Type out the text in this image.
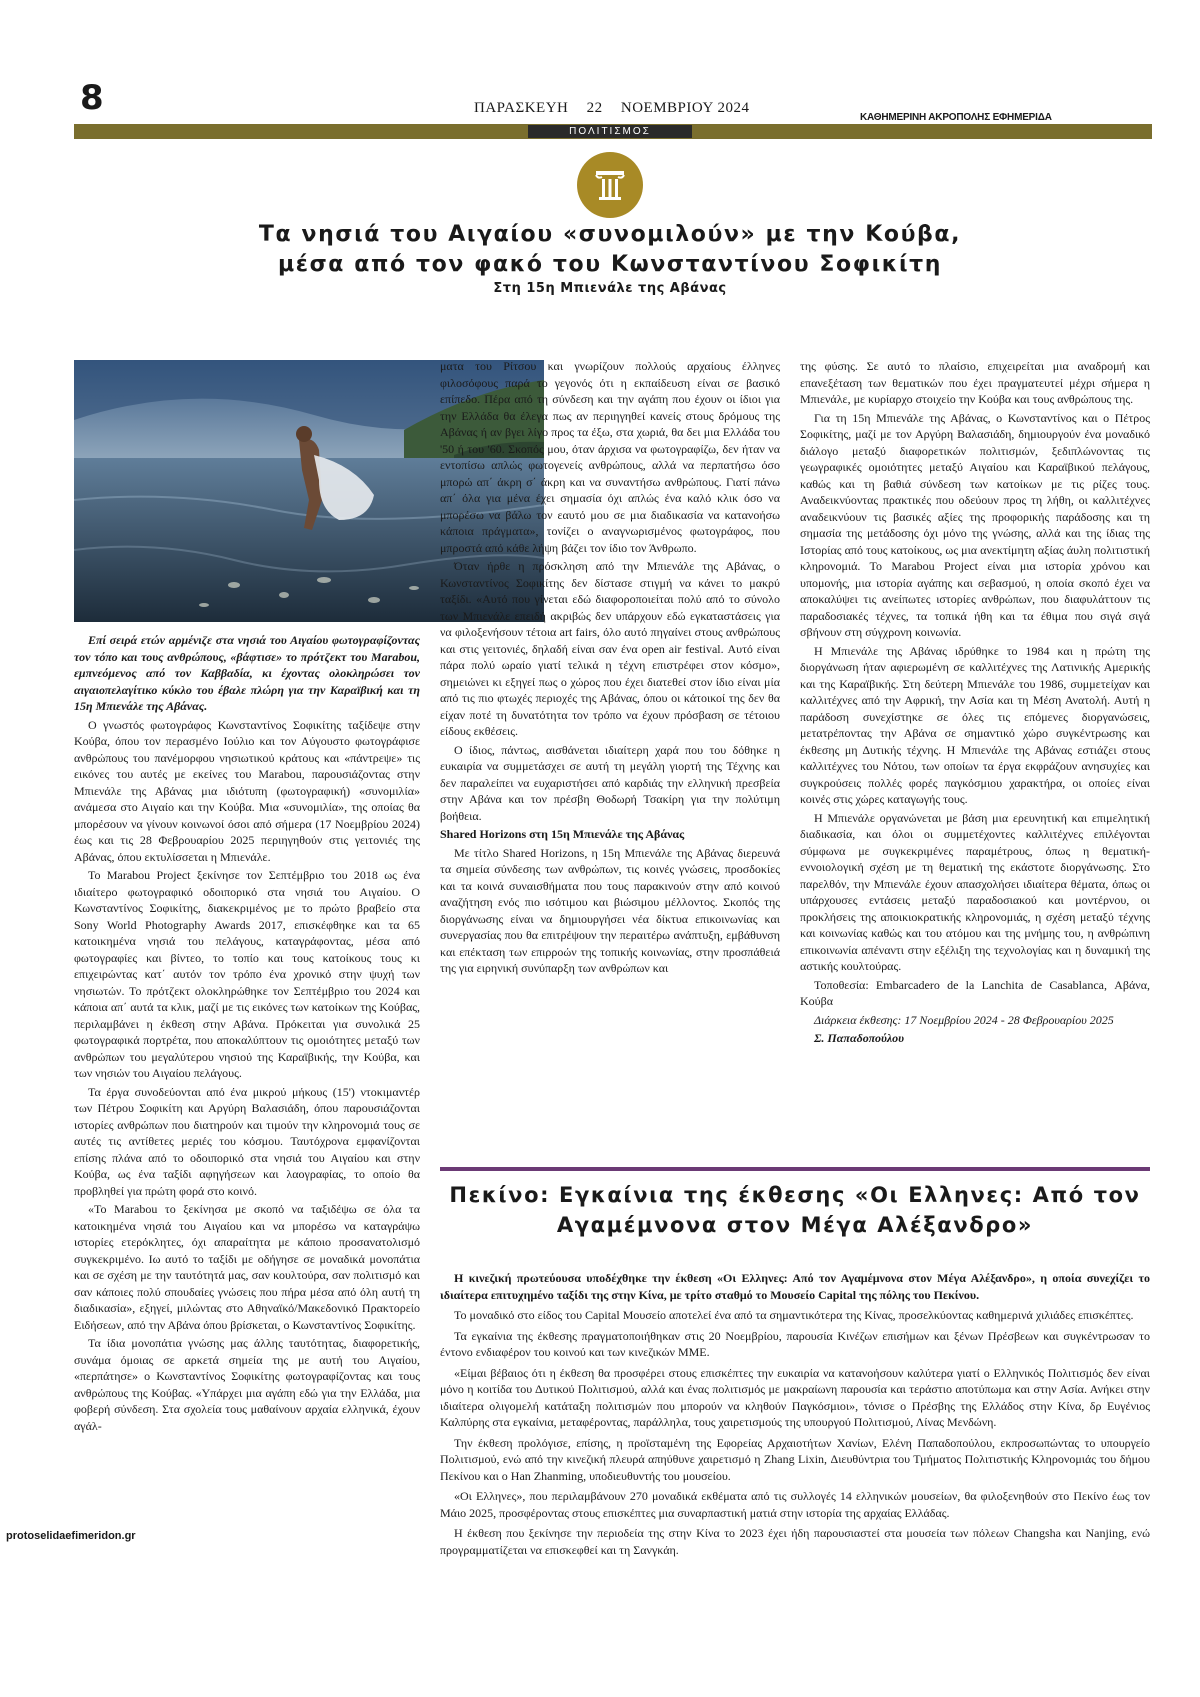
8	ΠΑΡΑΣΚΕΥΗ 22 ΝΟΕΜΒΡΙΟΥ 2024
ΚΑΘΗΜΕΡΙΝΗ ΑΚΡΟΠΟΛΗΣ ΕΦΗΜΕΡΙΔΑ
ΠΟΛΙΤΙΣΜΟΣ
Τα νησιά του Αιγαίου «συνομιλούν» με την Κούβα,
μέσα από τον φακό του Κωνσταντίνου Σοφικίτη
Στη 15η Μπιενάλε της Αβάνας

Επί σειρά ετών αρμένιζε στα νησιά του Αιγαίου φωτογραφίζοντας τον τόπο και τους ανθρώπους, «βάφτισε» το πρότζεκτ του Marabou, εμπνεόμενος από τον Καββαδία, κι έχοντας ολοκληρώσει τον αιγαιοπελαγίτικο κύκλο του έβαλε πλώρη για την Καραϊβική και τη 15η Μπιενάλε της Αβάνας.

Ο γνωστός φωτογράφος Κωνσταντίνος Σοφικίτης ταξίδεψε στην Κούβα, όπου τον περασμένο Ιούλιο και τον Αύγουστο φωτογράφισε ανθρώπους του πανέμορφου νησιωτικού κράτους και «πάντρεψε» τις εικόνες του αυτές με εκείνες του Marabou, παρουσιάζοντας στην Μπιενάλε της Αβάνας μια ιδιότυπη (φωτογραφική) «συνομιλία» ανάμεσα στο Αιγαίο και την Κούβα. Μια «συνομιλία», της οποίας θα μπορέσουν να γίνουν κοινωνοί όσοι από σήμερα (17 Νοεμβρίου 2024) έως και τις 28 Φεβρουαρίου 2025 περιηγηθούν στις γειτονιές της Αβάνας, όπου εκτυλίσσεται η Μπιενάλε.

Το Marabou Project ξεκίνησε τον Σεπτέμβριο του 2018 ως ένα ιδιαίτερο φωτογραφικό οδοιπορικό στα νησιά του Αιγαίου. Ο Κωνσταντίνος Σοφικίτης, διακεκριμένος με το πρώτο βραβείο στα Sony World Photography Awards 2017, επισκέφθηκε και τα 65 κατοικημένα νησιά του πελάγους, καταγράφοντας, μέσα από φωτογραφίες και βίντεο, το τοπίο και τους κατοίκους τους κι επιχειρώντας κατ΄ αυτόν τον τρόπο ένα χρονικό στην ψυχή των νησιωτών. Το πρότζεκτ ολοκληρώθηκε τον Σεπτέμβριο του 2024 και κάποια απ΄ αυτά τα κλικ, μαζί με τις εικόνες των κατοίκων της Κούβας, περιλαμβάνει η έκθεση στην Αβάνα. Πρόκειται για συνολικά 25 φωτογραφικά πορτρέτα, που αποκαλύπτουν τις ομοιότητες μεταξύ των ανθρώπων του μεγαλύτερου νησιού της Καραϊβικής, την Κούβα, και των νησιών του Αιγαίου πελάγους.

Τα έργα συνοδεύονται από ένα μικρού μήκους (15') ντοκιμαντέρ των Πέτρου Σοφικίτη και Αργύρη Βαλασιάδη, όπου παρουσιάζονται ιστορίες ανθρώπων που διατηρούν και τιμούν την κληρονομιά τους σε αυτές τις αντίθετες μεριές του κόσμου. Ταυτόχρονα εμφανίζονται επίσης πλάνα από το οδοιπορικό στα νησιά του Αιγαίου και στην Κούβα, ως ένα ταξίδι αφηγήσεων και λαογραφίας, το οποίο θα προβληθεί για πρώτη φορά στο κοινό.

«Το Marabou το ξεκίνησα με σκοπό να ταξιδέψω σε όλα τα κατοικημένα νησιά του Αιγαίου και να μπορέσω να καταγράψω ιστορίες ετερόκλητες, όχι απαραίτητα με κάποιο προσανατολισμό συγκεκριμένο. Ιω αυτό το ταξίδι με οδήγησε σε μοναδικά μονοπάτια και σε σχέση με την ταυτότητά μας, σαν κουλτούρα, σαν πολιτισμό και σαν κάποιες πολύ σπουδαίες γνώσεις που πήρα μέσα από όλη αυτή τη διαδικασία», εξηγεί, μιλώντας στο Αθηναϊκό/Μακεδονικό Πρακτορείο Ειδήσεων, από την Αβάνα όπου βρίσκεται, ο Κωνσταντίνος Σοφικίτης.

Τα ίδια μονοπάτια γνώσης μας άλλης ταυτότητας, διαφορετικής, συνάμα όμοιας σε αρκετά σημεία της με αυτή του Αιγαίου, «περπάτησε» ο Κωνσταντίνος Σοφικίτης φωτογραφίζοντας και τους ανθρώπους της Κούβας. «Υπάρχει μια αγάπη εδώ για την Ελλάδα, μια φοβερή σύνδεση. Στα σχολεία τους μαθαίνουν αρχαία ελληνικά, έχουν αγάλ-

ματα του Ρίτσου και γνωρίζουν πολλούς αρχαίους έλληνες φιλοσόφους παρά το γεγονός ότι η εκπαίδευση είναι σε βασικό επίπεδο. Πέρα από τη σύνδεση και την αγάπη που έχουν οι ίδιοι για την Ελλάδα θα έλεγα πως αν περιηγηθεί κανείς στους δρόμους της Αβάνας ή αν βγει λίγο προς τα έξω, στα χωριά, θα δει μια Ελλάδα του '50 ή του '60. Σκοπός μου, όταν άρχισα να φωτογραφίζω, δεν ήταν να εντοπίσω απλώς φωτογενείς ανθρώπους, αλλά να περπατήσω όσο μπορώ απ΄ άκρη σ΄ άκρη και να συναντήσω ανθρώπους. Γιατί πάνω απ΄ όλα για μένα έχει σημασία όχι απλώς ένα καλό κλικ όσο να μπορέσω να βάλω τον εαυτό μου σε μια διαδικασία να κατανοήσω κάποια πράγματα», τονίζει ο αναγνωρισμένος φωτογράφος, που μπροστά από κάθε λήψη βάζει τον ίδιο τον Άνθρωπο.

Όταν ήρθε η πρόσκληση από την Μπιενάλε της Αβάνας, ο Κωνσταντίνος Σοφικίτης δεν δίστασε στιγμή να κάνει το μακρύ ταξίδι. «Αυτό που γίνεται εδώ διαφοροποιείται πολύ από το σύνολο των Μπιενάλε επειδή ακριβώς δεν υπάρχουν εδώ εγκαταστάσεις για να φιλοξενήσουν τέτοια art fairs, όλο αυτό πηγαίνει στους ανθρώπους και στις γειτονιές, δηλαδή είναι σαν ένα open air festival. Αυτό είναι πάρα πολύ ωραίο γιατί τελικά η τέχνη επιστρέφει στον κόσμο», σημειώνει κι εξηγεί πως ο χώρος που έχει διατεθεί στον ίδιο είναι μία από τις πιο φτωχές περιοχές της Αβάνας, όπου οι κάτοικοί της δεν θα είχαν ποτέ τη δυνατότητα τον τρόπο να έχουν πρόσβαση σε τέτοιου είδους εκθέσεις.

Ο ίδιος, πάντως, αισθάνεται ιδιαίτερη χαρά που του δόθηκε η ευκαιρία να συμμετάσχει σε αυτή τη μεγάλη γιορτή της Τέχνης και δεν παραλείπει να ευχαριστήσει από καρδιάς την ελληνική πρεσβεία στην Αβάνα και τον πρέσβη Θοδωρή Τσακίρη για την πολύτιμη βοήθεια.

Shared Horizons στη 15η Μπιενάλε της Αβάνας

Με τίτλο Shared Horizons, η 15η Μπιενάλε της Αβάνας διερευνά τα σημεία σύνδεσης των ανθρώπων, τις κοινές γνώσεις, προσδοκίες και τα κοινά συναισθήματα που τους παρακινούν στην από κοινού αναζήτηση ενός πιο ισότιμου και βιώσιμου μέλλοντος. Σκοπός της διοργάνωσης είναι να δημιουργήσει νέα δίκτυα επικοινωνίας και συνεργασίας που θα επιτρέψουν την περαιτέρω ανάπτυξη, εμβάθυνση και επέκταση των επιρροών της τοπικής κοινωνίας, στην προσπάθειά της για ειρηνική συνύπαρξη των ανθρώπων και

της φύσης. Σε αυτό το πλαίσιο, επιχειρείται μια αναδρομή και επανεξέταση των θεματικών που έχει πραγματευτεί μέχρι σήμερα η Μπιενάλε, με κυρίαρχο στοιχείο την Κούβα και τους ανθρώπους της.

Για τη 15η Μπιενάλε της Αβάνας, ο Κωνσταντίνος και ο Πέτρος Σοφικίτης, μαζί με τον Αργύρη Βαλασιάδη, δημιουργούν ένα μοναδικό διάλογο μεταξύ διαφορετικών πολιτισμών, ξεδιπλώνοντας τις γεωγραφικές ομοιότητες μεταξύ Αιγαίου και Καραϊβικού πελάγους, καθώς και τη βαθιά σύνδεση των κατοίκων με τις ρίζες τους. Αναδεικνύοντας πρακτικές που οδεύουν προς τη λήθη, οι καλλιτέχνες αναδεικνύουν τις βασικές αξίες της προφορικής παράδοσης και τη σημασία της μετάδοσης όχι μόνο της γνώσης, αλλά και της ίδιας της Ιστορίας από τους κατοίκους, ως μια ανεκτίμητη αξίας άυλη πολιτιστική κληρονομιά. Το Marabou Project είναι μια ιστορία χρόνου και υπομονής, μια ιστορία αγάπης και σεβασμού, η οποία σκοπό έχει να αποκαλύψει τις ανείπωτες ιστορίες ανθρώπων, που διαφυλάττουν τις παραδοσιακές τέχνες, τα τοπικά ήθη και τα έθιμα που σιγά σιγά σβήνουν στη σύγχρονη κοινωνία.

Η Μπιενάλε της Αβάνας ιδρύθηκε το 1984 και η πρώτη της διοργάνωση ήταν αφιερωμένη σε καλλιτέχνες της Λατινικής Αμερικής και της Καραϊβικής. Στη δεύτερη Μπιενάλε του 1986, συμμετείχαν και καλλιτέχνες από την Αφρική, την Ασία και τη Μέση Ανατολή. Αυτή η παράδοση συνεχίστηκε σε όλες τις επόμενες διοργανώσεις, μετατρέποντας την Αβάνα σε σημαντικό χώρο συγκέντρωσης και έκθεσης μη Δυτικής τέχνης. Η Μπιενάλε της Αβάνας εστιάζει στους καλλιτέχνες του Νότου, των οποίων τα έργα εκφράζουν ανησυχίες και συγκρούσεις πολλές φορές παγκόσμιου χαρακτήρα, οι οποίες είναι κοινές στις χώρες καταγωγής τους.

Η Μπιενάλε οργανώνεται με βάση μια ερευνητική και επιμελητική διαδικασία, και όλοι οι συμμετέχοντες καλλιτέχνες επιλέγονται σύμφωνα με συγκεκριμένες παραμέτρους, όπως η θεματική-εννοιολογική σχέση με τη θεματική της εκάστοτε διοργάνωσης. Στο παρελθόν, την Μπιενάλε έχουν απασχολήσει ιδιαίτερα θέματα, όπως οι υπάρχουσες εντάσεις μεταξύ παραδοσιακού και μοντέρνου, οι προκλήσεις της αποικιοκρατικής κληρονομιάς, η σχέση μεταξύ τέχνης και κοινωνίας καθώς και του ατόμου και της μνήμης του, η ανθρώπινη επικοινωνία απέναντι στην εξέλιξη της τεχνολογίας και η δυναμική της αστικής κουλτούρας.

Τοποθεσία: Embarcadero de la Lanchita de Casablanca, Αβάνα, Κούβα

Διάρκεια έκθεσης: 17 Νοεμβρίου 2024 - 28 Φεβρουαρίου 2025

Σ. Παπαδοπούλου

Πεκίνο: Εγκαίνια της έκθεσης «Οι Ελληνες: Από τον
Αγαμέμνονα στον Μέγα Αλέξανδρο»

Η κινεζική πρωτεύουσα υποδέχθηκε την έκθεση «Οι Ελληνες: Από τον Αγαμέμνονα στον Μέγα Αλέξανδρο», η οποία συνεχίζει το ιδιαίτερα επιτυχημένο ταξίδι της στην Κίνα, με τρίτο σταθμό το Μουσείο Capital της πόλης του Πεκίνου.

Το μοναδικό στο είδος του Capital Μουσείο αποτελεί ένα από τα σημαντικότερα της Κίνας, προσελκύοντας καθημερινά χιλιάδες επισκέπτες.

Τα εγκαίνια της έκθεσης πραγματοποιήθηκαν στις 20 Νοεμβρίου, παρουσία Κινέζων επισήμων και ξένων Πρέσβεων και συγκέντρωσαν το έντονο ενδιαφέρον του κοινού και των κινεζικών ΜΜΕ.

«Είμαι βέβαιος ότι η έκθεση θα προσφέρει στους επισκέπτες την ευκαιρία να κατανοήσουν καλύτερα γιατί ο Ελληνικός Πολιτισμός δεν είναι μόνο η κοιτίδα του Δυτικού Πολιτισμού, αλλά και ένας πολιτισμός με μακραίωνη παρουσία και τεράστιο αποτύπωμα και στην Ασία. Ανήκει στην ιδιαίτερα ολιγομελή κατάταξη πολιτισμών που μπορούν να κληθούν Παγκόσμιοι», τόνισε ο Πρέσβης της Ελλάδος στην Κίνα, δρ Ευγένιος Καλπύρης στα εγκαίνια, μεταφέροντας, παράλληλα, τους χαιρετισμούς της υπουργού Πολιτισμού, Λίνας Μενδώνη.

Την έκθεση προλόγισε, επίσης, η προϊσταμένη της Εφορείας Αρχαιοτήτων Χανίων, Ελένη Παπαδοπούλου, εκπροσωπώντας το υπουργείο Πολιτισμού, ενώ από την κινεζική πλευρά απηύθυνε χαιρετισμό η Zhang Lixin, Διευθύντρια του Τμήματος Πολιτιστικής Κληρονομιάς του δήμου Πεκίνου και ο Han Zhanming, υποδιευθυντής του μουσείου.

«Οι Ελληνες», που περιλαμβάνουν 270 μοναδικά εκθέματα από τις συλλογές 14 ελληνικών μουσείων, θα φιλοξενηθούν στο Πεκίνο έως τον Μάιο 2025, προσφέροντας στους επισκέπτες μια συναρπαστική ματιά στην ιστορία της αρχαίας Ελλάδας.

Η έκθεση που ξεκίνησε την περιοδεία της στην Κίνα το 2023 έχει ήδη παρουσιαστεί στα μουσεία των πόλεων Changsha και Nanjing, ενώ προγραμματίζεται να επισκεφθεί και τη Σανγκάη.

protoselidaefimeridon.gr
